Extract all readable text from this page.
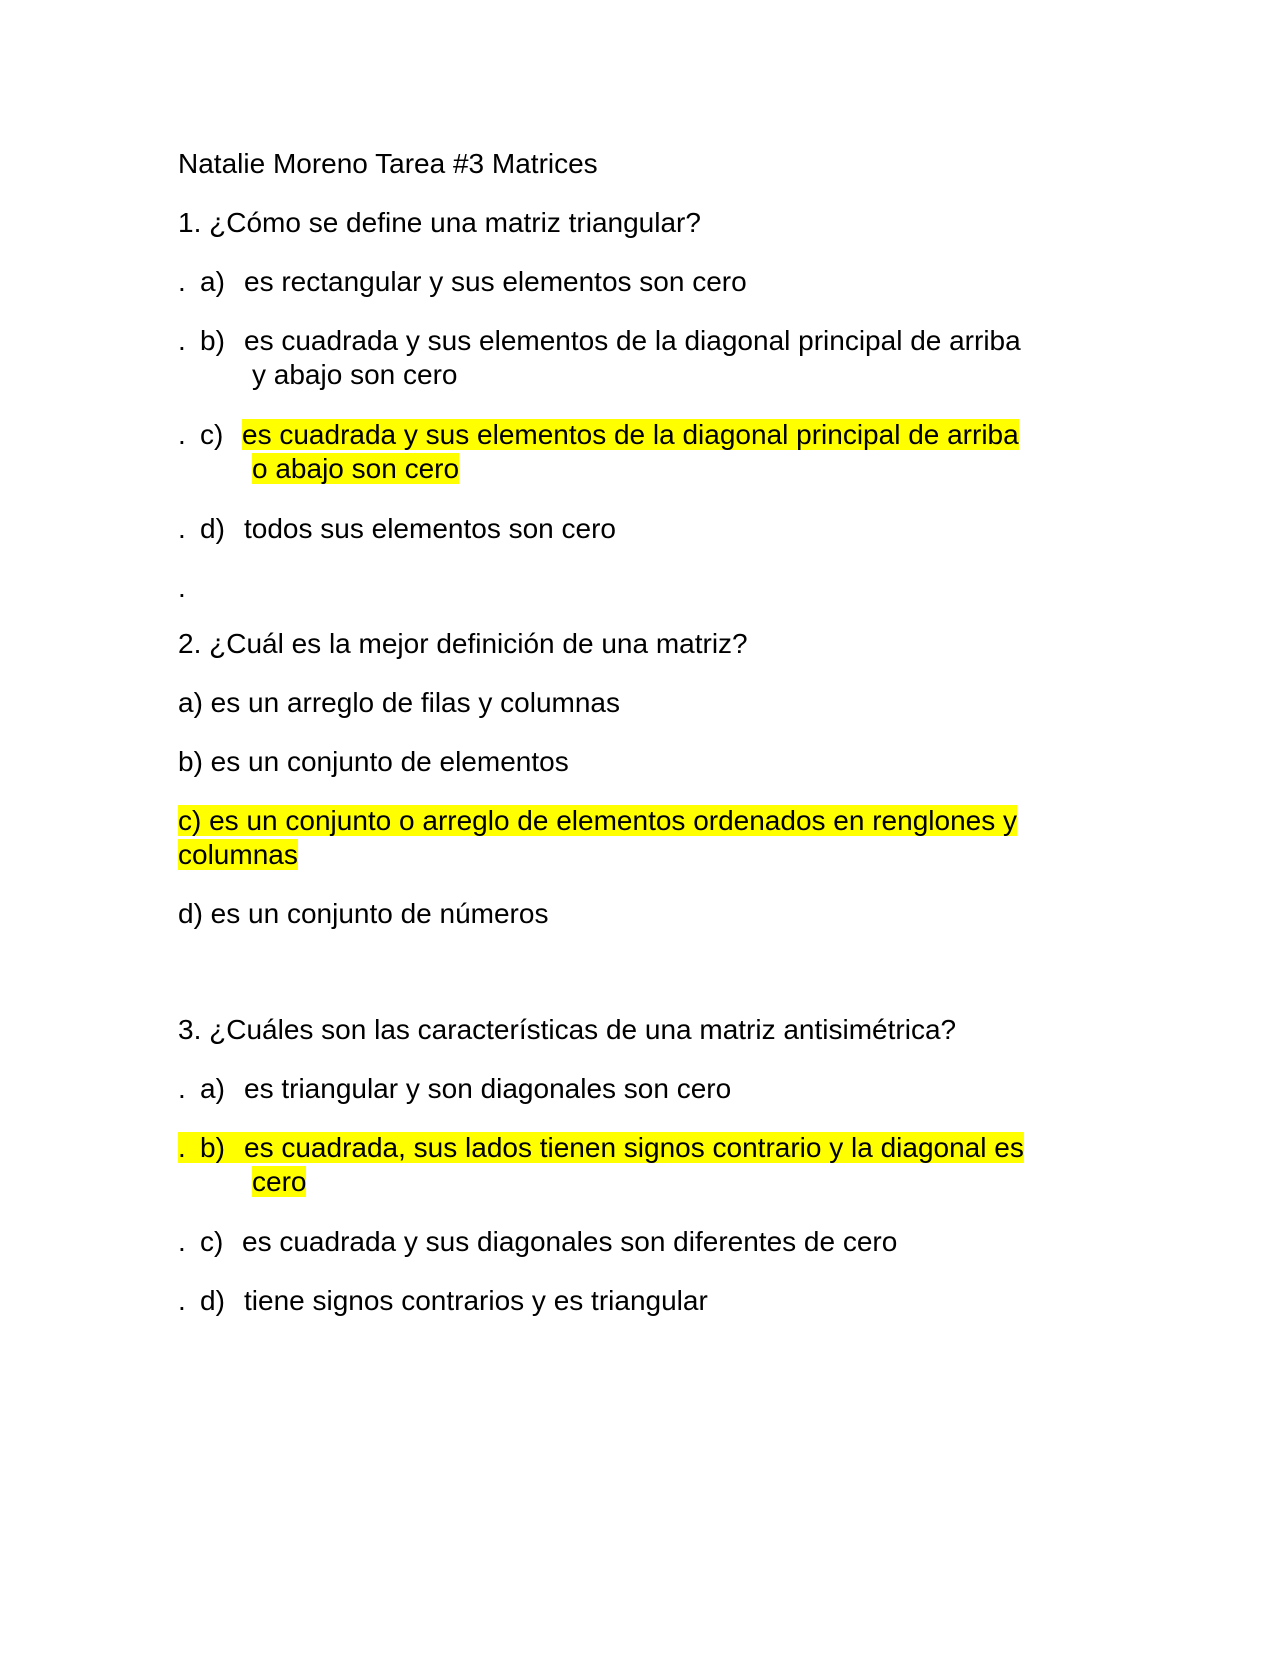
Natalie Moreno Tarea #3 Matrices
1. ¿Cómo se define una matriz triangular?
. a) es rectangular y sus elementos son cero
. b) es cuadrada y sus elementos de la diagonal principal de arriba
y abajo son cero
. c) es cuadrada y sus elementos de la diagonal principal de arriba
o abajo son cero
. d) todos sus elementos son cero
.
2. ¿Cuál es la mejor definición de una matriz?
a) es un arreglo de filas y columnas
b) es un conjunto de elementos
c) es un conjunto o arreglo de elementos ordenados en renglones y
columnas
d) es un conjunto de números
3. ¿Cuáles son las características de una matriz antisimétrica?
. a) es triangular y son diagonales son cero
. b) es cuadrada, sus lados tienen signos contrario y la diagonal es
cero
. c) es cuadrada y sus diagonales son diferentes de cero
. d) tiene signos contrarios y es triangular
